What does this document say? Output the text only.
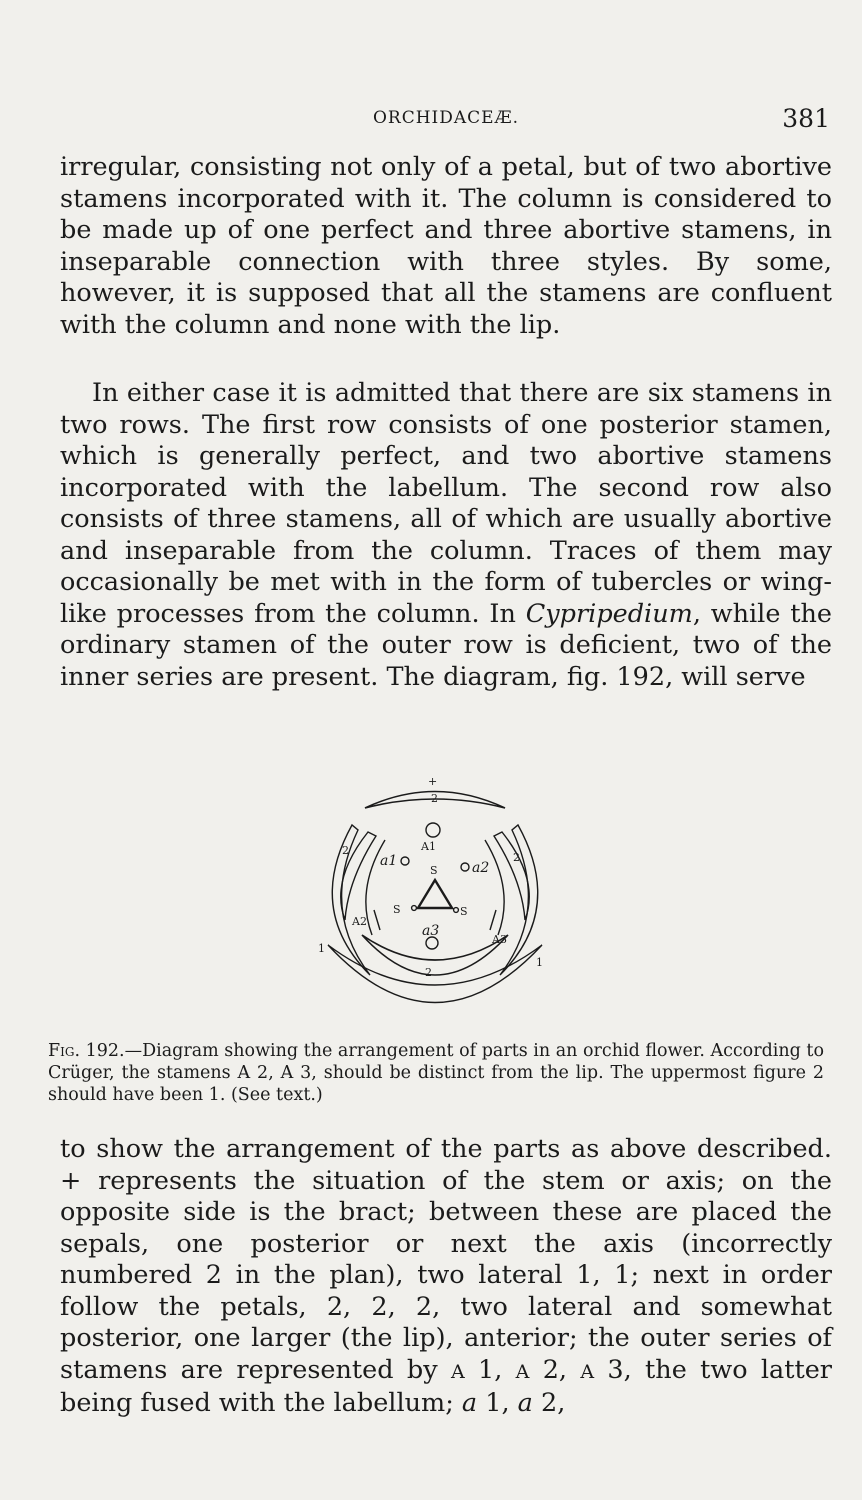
ORCHIDACEÆ.	381

irregular, consisting not only of a petal, but of two abortive stamens incorporated with it. The column is considered to be made up of one perfect and three abortive stamens, in inseparable connection with three styles. By some, however, it is supposed that all the stamens are confluent with the column and none with the lip.

In either case it is admitted that there are six stamens in two rows. The first row consists of one posterior stamen, which is generally perfect, and two abortive stamens incorporated with the labellum. The second row also consists of three stamens, all of which are usually abortive and inseparable from the column. Traces of them may occasionally be met with in the form of tubercles or wing-like processes from the column. In Cypripedium, while the ordinary stamen of the outer row is deficient, two of the inner series are present. The diagram, fig. 192, will serve

+
2
A1
2
2
a1	a2
S
S	S
A2
A3
a3
2
1
1
Fig. 192.—Diagram showing the arrangement of parts in an orchid flower. According to Crüger, the stamens A 2, A 3, should be distinct from the lip. The uppermost figure 2 should have been 1. (See text.)

to show the arrangement of the parts as above described. + represents the situation of the stem or axis; on the opposite side is the bract; between these are placed the sepals, one posterior or next the axis (incorrectly numbered 2 in the plan), two lateral 1, 1; next in order follow the petals, 2, 2, 2, two lateral and somewhat posterior, one larger (the lip), anterior; the outer series of stamens are represented by A 1, A 2, A 3, the two latter being fused with the labellum; a 1, a 2,
